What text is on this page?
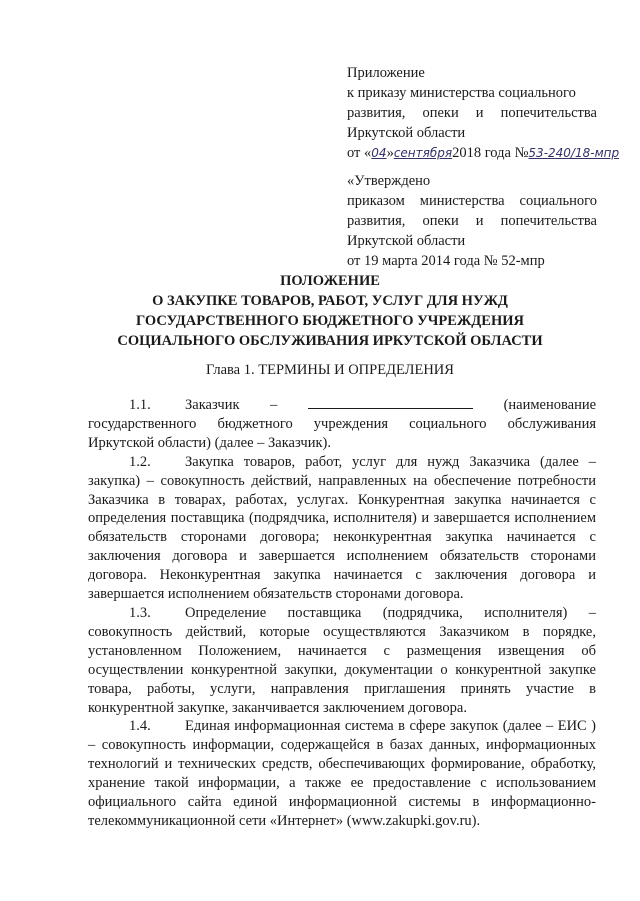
Приложение
к приказу министерства социального
развития, опеки и попечительства
Иркутской области
от «04»сентября2018 года №53-240/18-мпр
«Утверждено
приказом министерства социального
развития, опеки и попечительства
Иркутской области
от 19 марта 2014 года № 52-мпр
ПОЛОЖЕНИЕ
О ЗАКУПКЕ ТОВАРОВ, РАБОТ, УСЛУГ ДЛЯ НУЖД
ГОСУДАРСТВЕННОГО БЮДЖЕТНОГО УЧРЕЖДЕНИЯ
СОЦИАЛЬНОГО ОБСЛУЖИВАНИЯ ИРКУТСКОЙ ОБЛАСТИ
Глава 1. ТЕРМИНЫ И ОПРЕДЕЛЕНИЯ

1.1. Заказчик –	(наименование государственного бюджетного учреждения социального обслуживания Иркутской области) (далее – Заказчик).

1.2. Закупка товаров, работ, услуг для нужд Заказчика (далее – закупка) – совокупность действий, направленных на обеспечение потребности Заказчика в товарах, работах, услугах. Конкурентная закупка начинается с определения поставщика (подрядчика, исполнителя) и завершается исполнением обязательств сторонами договора; неконкурентная закупка начинается с заключения договора и завершается исполнением обязательств сторонами договора. Неконкурентная закупка начинается с заключения договора и завершается исполнением обязательств сторонами договора.

1.3. Определение поставщика (подрядчика, исполнителя) – совокупность действий, которые осуществляются Заказчиком в порядке, установленном Положением, начинается с размещения извещения об осуществлении конкурентной закупки, документации о конкурентной закупке товара, работы, услуги, направления приглашения принять участие в конкурентной закупке, заканчивается заключением договора.

1.4. Единая информационная система в сфере закупок (далее – ЕИС ) – совокупность информации, содержащейся в базах данных, информационных технологий и технических средств, обеспечивающих формирование, обработку, хранение такой информации, а также ее предоставление с использованием официального сайта единой информационной системы в информационно-телекоммуникационной сети «Интернет» (www.zakupki.gov.ru).
